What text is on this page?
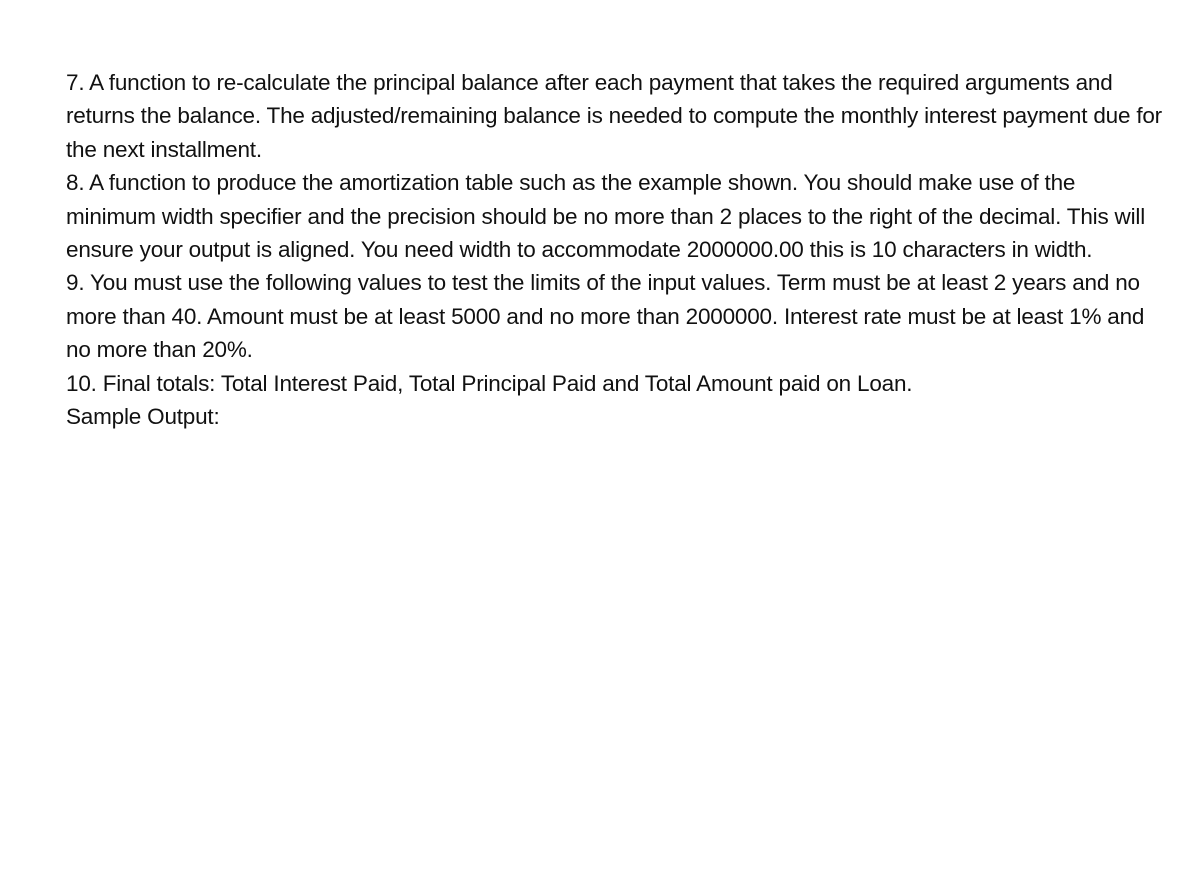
7. A function to re-calculate the principal balance after each payment that takes the required arguments and returns the balance. The adjusted/remaining balance is needed to compute the monthly interest payment due for the next installment.

8. A function to produce the amortization table such as the example shown. You should make use of the minimum width specifier and the precision should be no more than 2 places to the right of the decimal. This will ensure your output is aligned. You need width to accommodate 2000000.00 this is 10 characters in width.

9. You must use the following values to test the limits of the input values. Term must be at least 2 years and no more than 40. Amount must be at least 5000 and no more than 2000000. Interest rate must be at least 1% and no more than 20%.

10. Final totals: Total Interest Paid, Total Principal Paid and Total Amount paid on Loan.

Sample Output:
